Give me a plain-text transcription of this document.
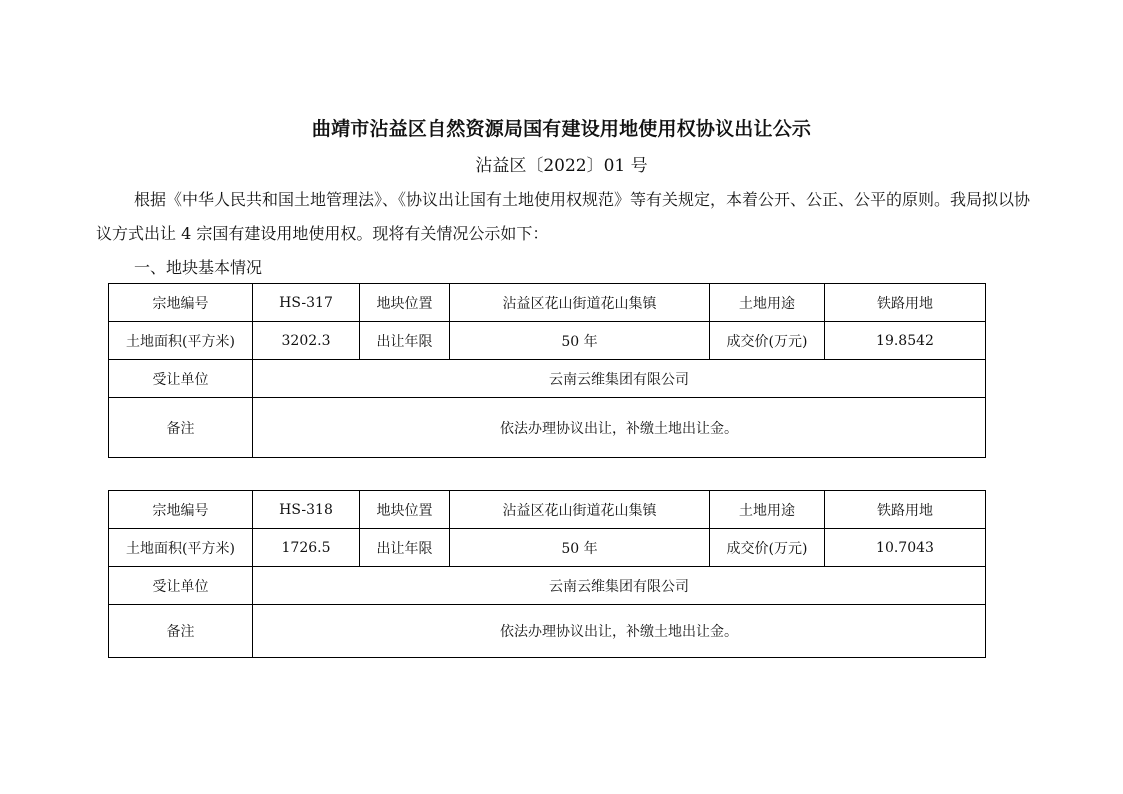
曲靖市沾益区自然资源局国有建设用地使用权协议出让公示
沾益区〔2022〕01 号
根据《中华人民共和国土地管理法》、《协议出让国有土地使用权规范》等有关规定，本着公开、公正、公平的原则。我局拟以协议方式出让 4 宗国有建设用地使用权。现将有关情况公示如下：
一、地块基本情况
宗地编号	HS-317	地块位置	沾益区花山街道花山集镇	土地用途	铁路用地
土地面积(平方米)	3202.3	出让年限	50 年	成交价(万元)	19.8542
受让单位	云南云维集团有限公司				
备注	依法办理协议出让，补缴土地出让金。				
宗地编号	HS-318	地块位置	沾益区花山街道花山集镇	土地用途	铁路用地
土地面积(平方米)	1726.5	出让年限	50 年	成交价(万元)	10.7043
受让单位	云南云维集团有限公司				
备注	依法办理协议出让，补缴土地出让金。				
